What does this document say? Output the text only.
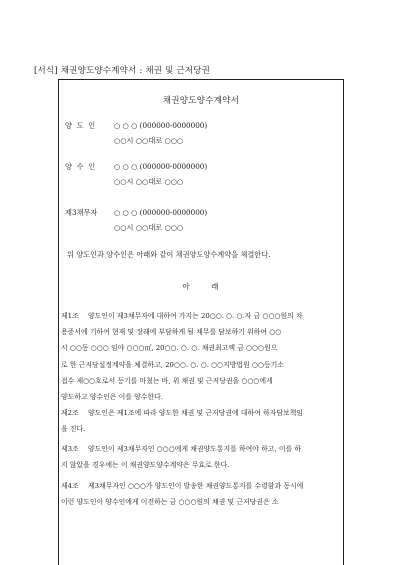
[서식] 채권양도양수계약서 : 채권 및 근저당권
채권양도양수계약서
양 도 인	○ ○ ○ (000000-0000000)
○○시 ○○대로 ○○○
양 수 인	○ ○ ○ (000000-0000000)
○○시 ○○대로 ○○○
제3채무자	○ ○ ○ (000000-0000000)
○○시 ○○대로 ○○○
위 양도인과 양수인은 아래와 같이 채권양도양수계약을 체결한다.
아      래
제1조 양도인이 제3채무자에 대하여 가지는 20○○. ○. ○.자 금 ○○○원의 차
용증서에 기하여 현재 및 장래에 부담하게 될 채무를 담보하기 위하여 ○○
시 ○○동 ○○○ 임야 ○○○㎡, 20○○. ○. ○. 채권최고액 금 ○○○원으
로 한 근저당설정계약을 체결하고, 20○○. ○. ○. ○○지방법원 ○○등기소
접수 제○○호로서 등기를 마쳤는 바, 위 채권 및 근저당권을 ○○○에게
양도하고 양수인은 이를 양수한다.
제2조 양도인은 제1조에 따라 양도한 채권 및 근저당권에 대하여 하자담보책임
을 진다.
제3조 양도인이 제3채무자인 ○○○에게 채권양도통지를 하여야 하고, 이를 하
지 않았을 경우에는 이 채권양도양수계약은 무효로 한다.
제4조 제3채무자인 ○○○가 양도인이 발송한 채권양도통지를 수령함과 동시에
이런 양도인이 양수인에게 이전하는 금 ○○○원의 채권 및 근저당권은 소
